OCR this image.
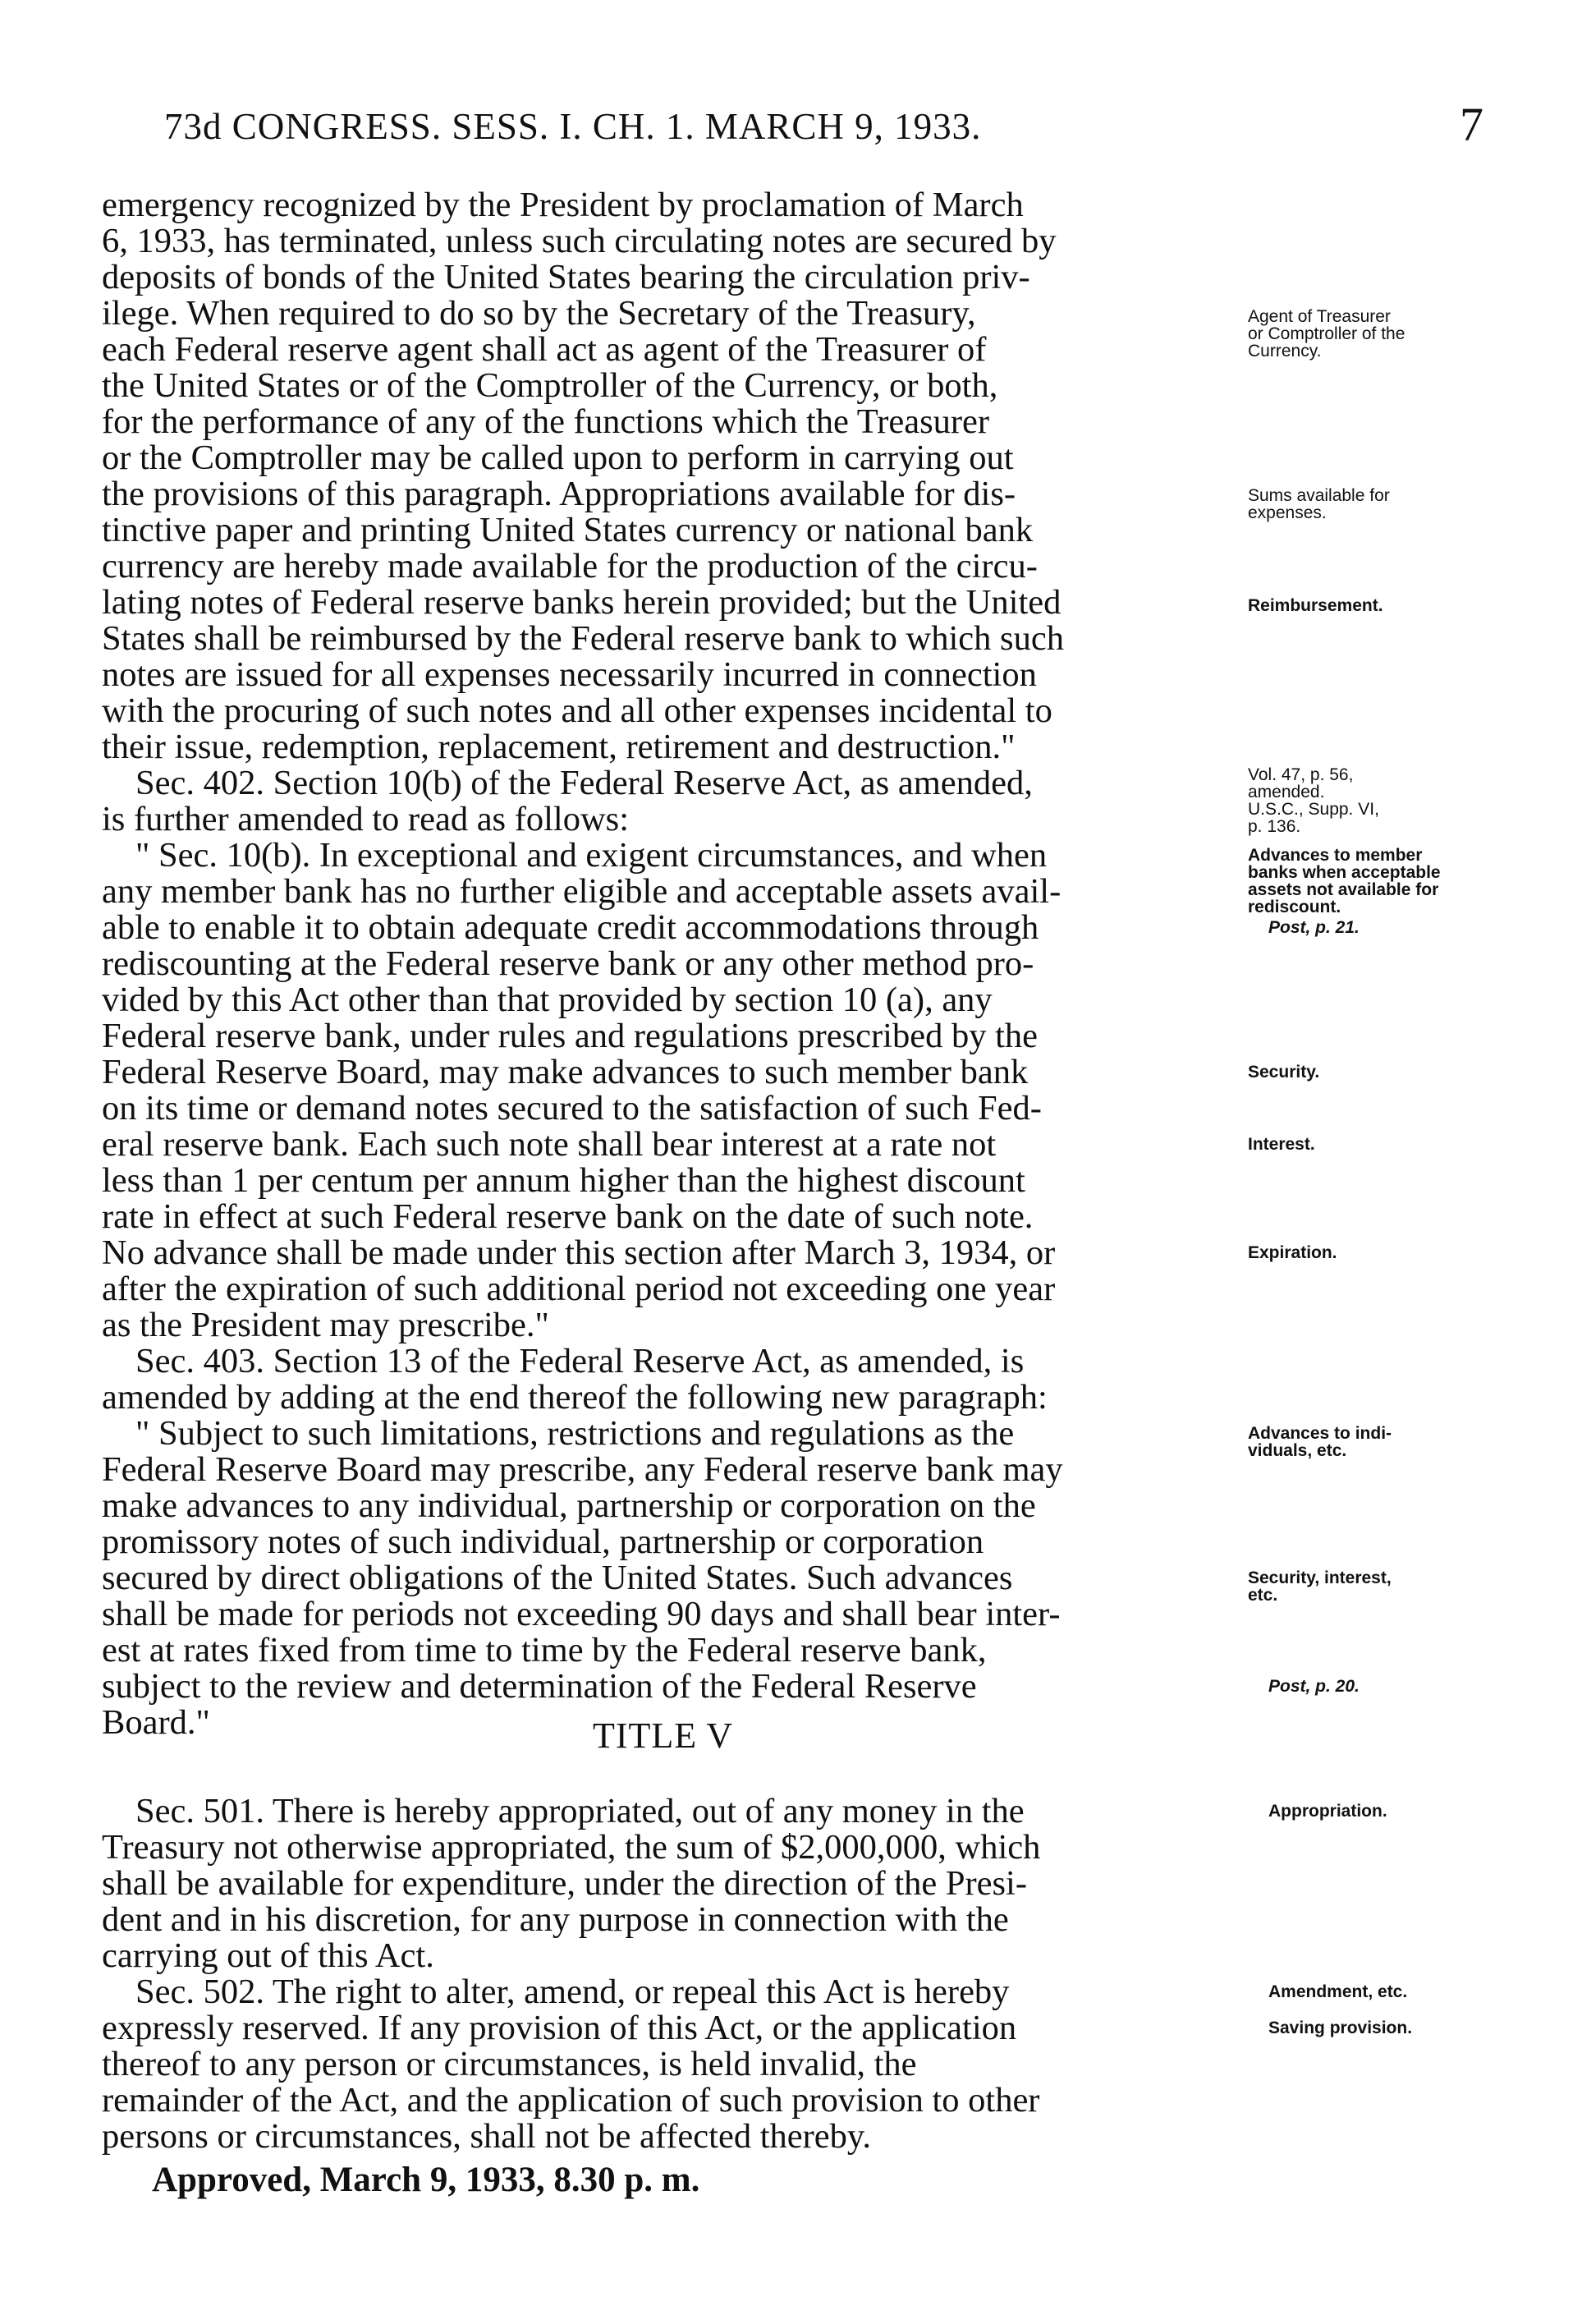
73d CONGRESS. SESS. I. CH. 1. MARCH 9, 1933.	7
emergency recognized by the President by proclamation of March
6, 1933, has terminated, unless such circulating notes are secured by
deposits of bonds of the United States bearing the circulation priv-
ilege. When required to do so by the Secretary of the Treasury,
each Federal reserve agent shall act as agent of the Treasurer of
the United States or of the Comptroller of the Currency, or both,
for the performance of any of the functions which the Treasurer
or the Comptroller may be called upon to perform in carrying out
the provisions of this paragraph. Appropriations available for dis-
tinctive paper and printing United States currency or national bank
currency are hereby made available for the production of the circu-
lating notes of Federal reserve banks herein provided; but the United
States shall be reimbursed by the Federal reserve bank to which such
notes are issued for all expenses necessarily incurred in connection
with the procuring of such notes and all other expenses incidental to
their issue, redemption, replacement, retirement and destruction."
Sec. 402. Section 10(b) of the Federal Reserve Act, as amended,
is further amended to read as follows:
" Sec. 10(b). In exceptional and exigent circumstances, and when
any member bank has no further eligible and acceptable assets avail-
able to enable it to obtain adequate credit accommodations through
rediscounting at the Federal reserve bank or any other method pro-
vided by this Act other than that provided by section 10 (a), any
Federal reserve bank, under rules and regulations prescribed by the
Federal Reserve Board, may make advances to such member bank
on its time or demand notes secured to the satisfaction of such Fed-
eral reserve bank. Each such note shall bear interest at a rate not
less than 1 per centum per annum higher than the highest discount
rate in effect at such Federal reserve bank on the date of such note.
No advance shall be made under this section after March 3, 1934, or
after the expiration of such additional period not exceeding one year
as the President may prescribe."
Sec. 403. Section 13 of the Federal Reserve Act, as amended, is
amended by adding at the end thereof the following new paragraph:
" Subject to such limitations, restrictions and regulations as the
Federal Reserve Board may prescribe, any Federal reserve bank may
make advances to any individual, partnership or corporation on the
promissory notes of such individual, partnership or corporation
secured by direct obligations of the United States. Such advances
shall be made for periods not exceeding 90 days and shall bear inter-
est at rates fixed from time to time by the Federal reserve bank,
subject to the review and determination of the Federal Reserve
Board."	TITLE V
Sec. 501. There is hereby appropriated, out of any money in the
Treasury not otherwise appropriated, the sum of $2,000,000, which
shall be available for expenditure, under the direction of the Presi-
dent and in his discretion, for any purpose in connection with the
carrying out of this Act.
Sec. 502. The right to alter, amend, or repeal this Act is hereby
expressly reserved. If any provision of this Act, or the application
thereof to any person or circumstances, is held invalid, the
remainder of the Act, and the application of such provision to other
persons or circumstances, shall not be affected thereby.
Approved, March 9, 1933, 8.30 p. m.
Agent of Treasurer
or Comptroller of the
Currency.
Sums available for
expenses.
Reimbursement.
Vol. 47, p. 56,
amended.
U.S.C., Supp. VI,
p. 136.
Advances to member
banks when acceptable
assets not available for
rediscount.
Post, p. 21.
Security.
Interest.
Expiration.
Advances to indi-
viduals, etc.
Security, interest,
etc.
Post, p. 20.
Appropriation.
Amendment, etc.
Saving provision.
